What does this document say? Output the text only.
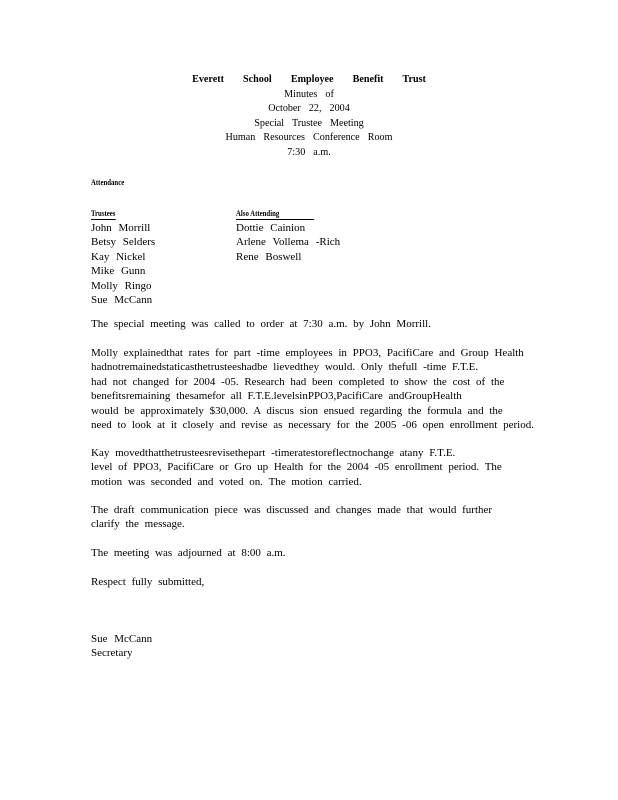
Everett School Employee Benefit Trust
Minutes of
October 22, 2004
Special Trustee Meeting
Human Resources Conference Room
7:30 a.m.
Attendance
Trustees
John Morrill
Betsy Selders
Kay Nickel
Mike Gunn
Molly Ringo
Sue McCann
Also Attending
Dottie Cainion
Arlene Vollema -Rich
Rene Boswell
The special meeting was called to order at 7:30 a.m. by John Morrill.
Molly explainedthat rates for part -time employees in PPO3, PacifiCare and Group Health
hadnotremainedstaticasthetrusteeshadbe lievedthey would. Only thefull -time F.T.E.
had not changed for 2004 -05. Research had been completed to show the cost of the
benefitsremaining thesamefor all F.T.E.levelsinPPO3,PacifiCare andGroupHealth
would be approximately $30,000. A discus sion ensued regarding the formula and the
need to look at it closely and revise as necessary for the 2005 -06 open enrollment period.
Kay movedthatthetrusteesrevisethepart -timeratestoreflectnochange atany F.T.E.
level of PPO3, PacifiCare or Gro up Health for the 2004 -05 enrollment period. The
motion was seconded and voted on. The motion carried.
The draft communication piece was discussed and changes made that would further
clarify the message.
The meeting was adjourned at 8:00 a.m.
Respect fully submitted,
Sue McCann
Secretary
